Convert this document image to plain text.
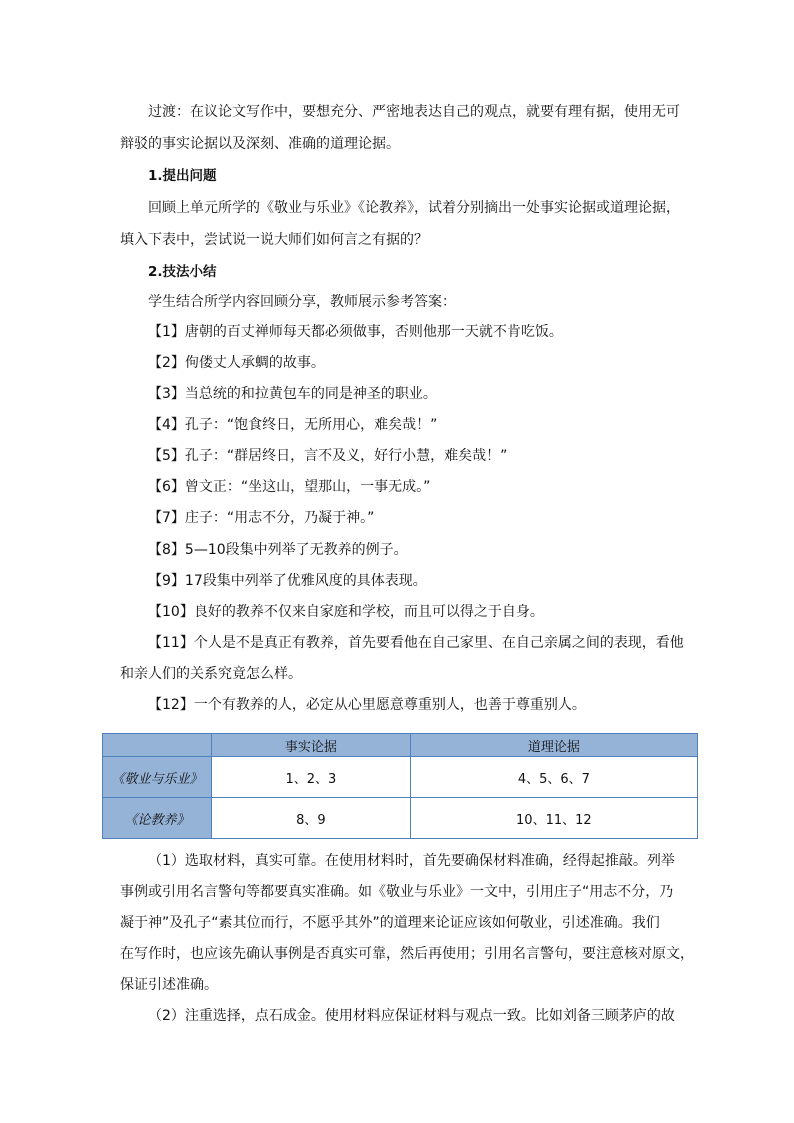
过渡：在议论文写作中，要想充分、严密地表达自己的观点，就要有理有据，使用无可
辩驳的事实论据以及深刻、准确的道理论据。
1.提出问题
回顾上单元所学的《敬业与乐业》《论教养》，试着分别摘出一处事实论据或道理论据，
填入下表中，尝试说一说大师们如何言之有据的？
2.技法小结
学生结合所学内容回顾分享，教师展示参考答案：
【1】唐朝的百丈禅师每天都必须做事，否则他那一天就不肯吃饭。
【2】佝偻丈人承蜩的故事。
【3】当总统的和拉黄包车的同是神圣的职业。
【4】孔子：“饱食终日，无所用心，难矣哉！”
【5】孔子：“群居终日，言不及义，好行小慧，难矣哉！”
【6】曾文正：“坐这山，望那山，一事无成。”
【7】庄子：“用志不分，乃凝于神。”
【8】5—10段集中列举了无教养的例子。
【9】17段集中列举了优雅风度的具体表现。
【10】良好的教养不仅来自家庭和学校，而且可以得之于自身。
【11】个人是不是真正有教养，首先要看他在自己家里、在自己亲属之间的表现，看他
和亲人们的关系究竟怎么样。
【12】一个有教养的人，必定从心里愿意尊重别人，也善于尊重别人。
	事实论据	道理论据
《敬业与乐业》	1、2、3	4、5、6、7
《论教养》	8、9	10、11、12
（1）选取材料，真实可靠。在使用材料时，首先要确保材料准确，经得起推敲。列举
事例或引用名言警句等都要真实准确。如《敬业与乐业》一文中，引用庄子“用志不分，乃
凝于神”及孔子“素其位而行，不愿乎其外”的道理来论证应该如何敬业，引述准确。我们
在写作时，也应该先确认事例是否真实可靠，然后再使用；引用名言警句，要注意核对原文，
保证引述准确。
（2）注重选择，点石成金。使用材料应保证材料与观点一致。比如刘备三顾茅庐的故
